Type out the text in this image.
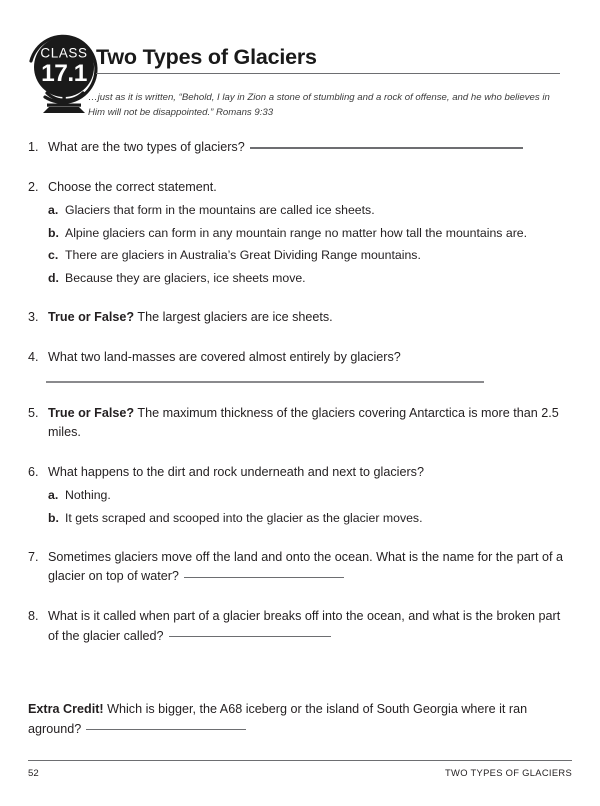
CLASS
17.1
Two Types of Glaciers
…just as it is written, “Behold, I lay in Zion a stone of stumbling and a rock of offense, and he who believes in Him will not be disappointed.” Romans 9:33
1. What are the two types of glaciers?
2. Choose the correct statement.
a. Glaciers that form in the mountains are called ice sheets.
b. Alpine glaciers can form in any mountain range no matter how tall the mountains are.
c. There are glaciers in Australia’s Great Dividing Range mountains.
d. Because they are glaciers, ice sheets move.
3. True or False? The largest glaciers are ice sheets.
4. What two land-masses are covered almost entirely by glaciers?
5. True or False? The maximum thickness of the glaciers covering Antarctica is more than 2.5 miles.
6. What happens to the dirt and rock underneath and next to glaciers?
a. Nothing.
b. It gets scraped and scooped into the glacier as the glacier moves.
7. Sometimes glaciers move off the land and onto the ocean. What is the name for the part of a glacier on top of water?
8. What is it called when part of a glacier breaks off into the ocean, and what is the broken part of the glacier called?
Extra Credit! Which is bigger, the A68 iceberg or the island of South Georgia where it ran aground?
52	TWO TYPES OF GLACIERS
